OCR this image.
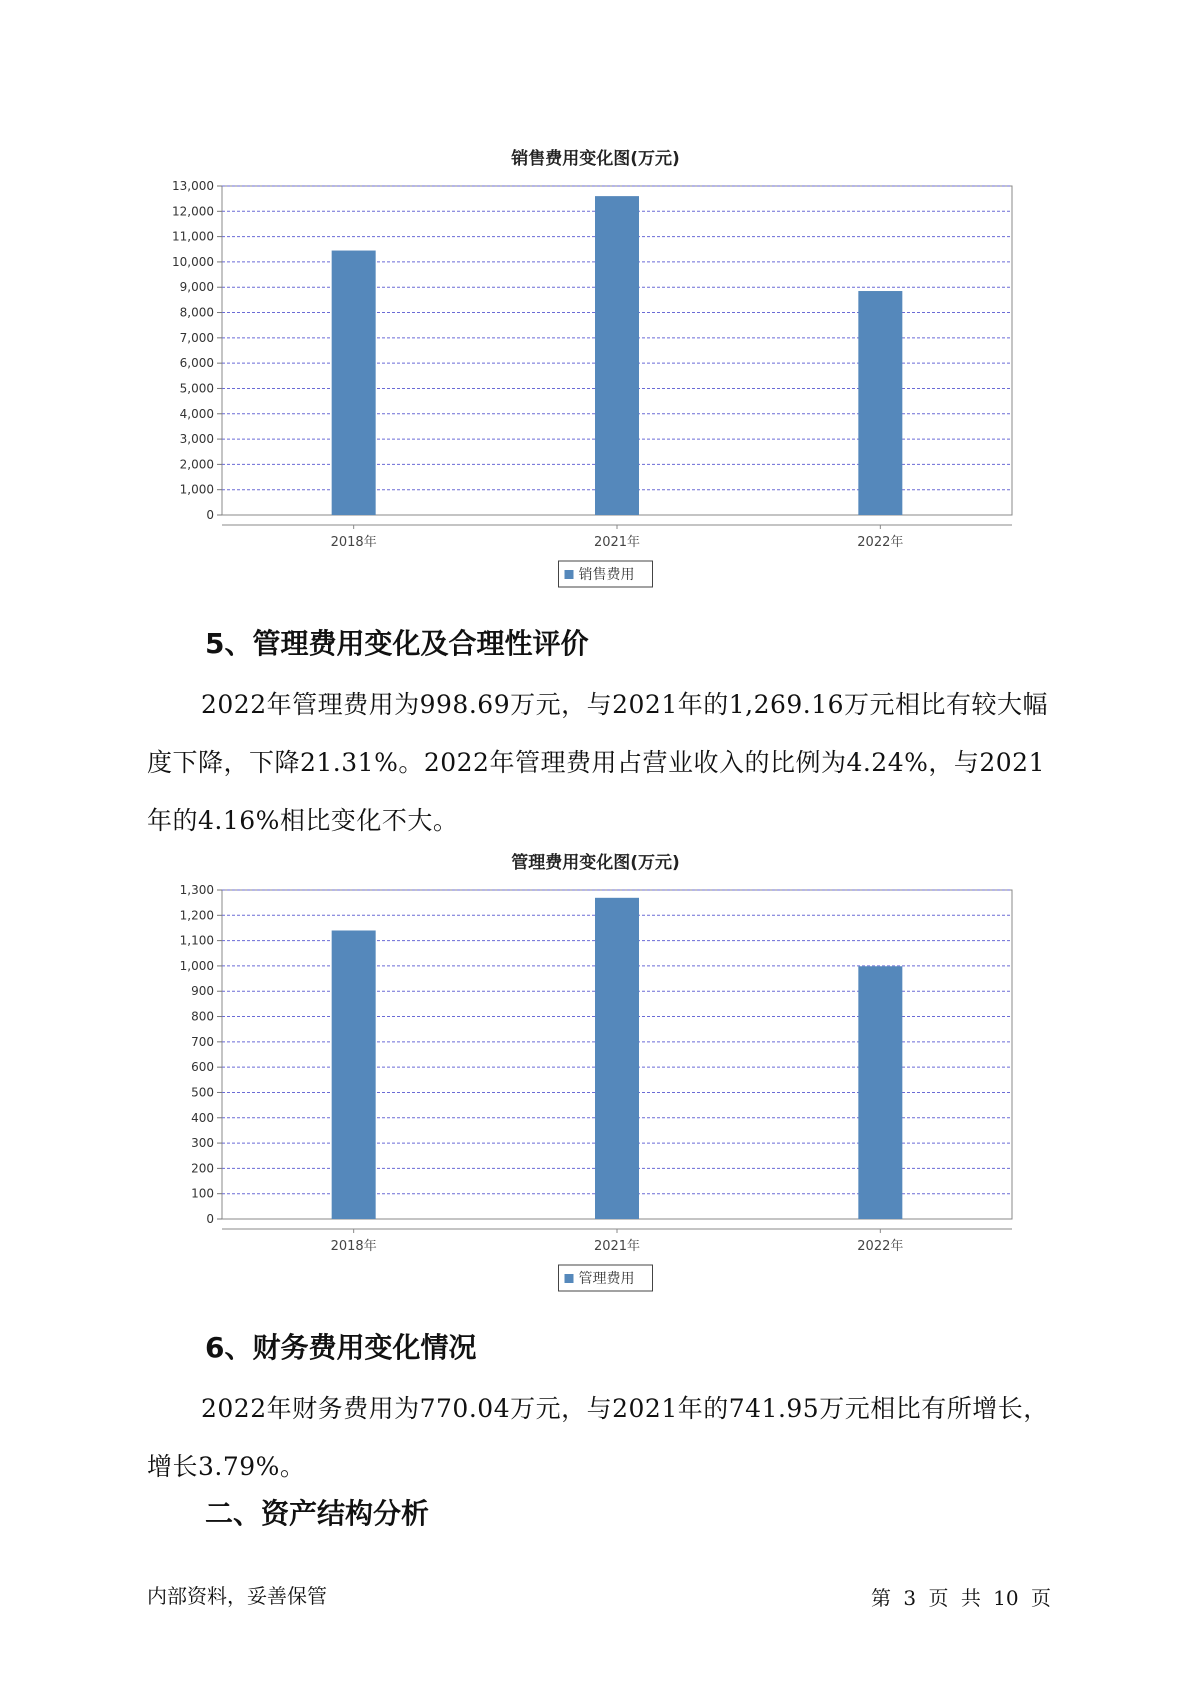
销售费用变化图(万元)
0
1,000
2,000
3,000
4,000
5,000
6,000
7,000
8,000
9,000
10,000
11,000
12,000
13,000
2018年	2021年	2022年
销售费用
5、管理费用变化及合理性评价
2022年管理费用为998.69万元，与2021年的1,269.16万元相比有较大幅度下降，下降21.31%。2022年管理费用占营业收入的比例为4.24%，与2021年的4.16%相比变化不大。
管理费用变化图(万元)
0
100
200
300
400
500
600
700
800
900
1,000
1,100
1,200
1,300
2018年	2021年	2022年
管理费用
6、财务费用变化情况
2022年财务费用为770.04万元，与2021年的741.95万元相比有所增长，增长3.79%。
二、资产结构分析
内部资料，妥善保管	第 3 页 共 10 页
